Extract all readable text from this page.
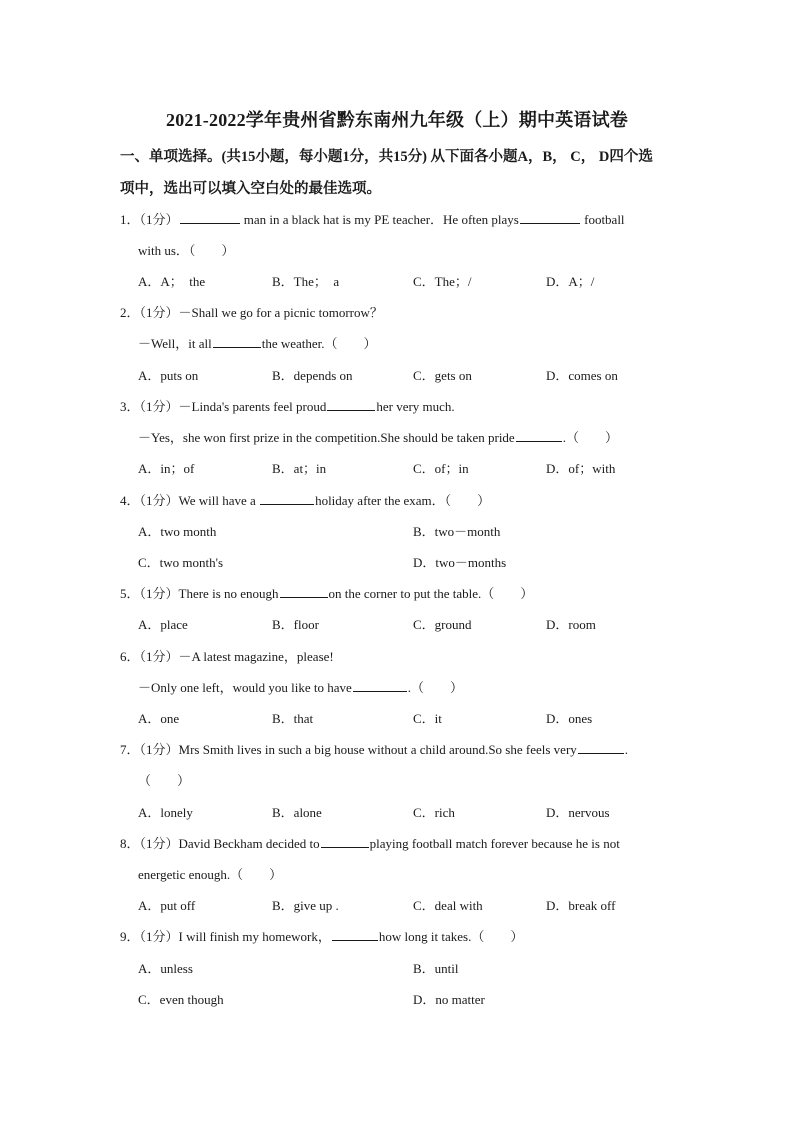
2021-2022学年贵州省黔东南州九年级（上）期中英语试卷
一、单项选择。(共15小题，每小题1分，共15分) 从下面各小题A，B， C， D四个选
项中，选出可以填入空白处的最佳选项。
1．（1分）	man in a black hat is my PE teacher．He often plays	football
with us．（　　）
A．A；　the	B．The；　a	C．The；/	D．A；/
2．（1分）－Shall we go for a picnic tomorrow？
－Well，it all	the weather.（　　）
A．puts on	B．depends on	C．gets on	D．comes on
3．（1分）－Linda's parents feel proud	her very much.
－Yes，she won first prize in the competition.She should be taken pride	.（　　）
A．in；of	B．at；in	C．of；in	D．of；with
4．（1分）We will have a	holiday after the exam．（　　）
A．two month	B．two－month
C．two month's	D．two－months
5．（1分）There is no enough	on the corner to put the table.（　　）
A．place	B．floor	C．ground	D．room
6．（1分）－A latest magazine，please!
－Only one left，would you like to have	.（　　）
A．one	B．that	C．it	D．ones
7．（1分）Mrs Smith lives in such a big house without a child around.So she feels very	.
（　　）
A．lonely	B．alone	C．rich	D．nervous
8．（1分）David Beckham decided to	playing football match forever because he is not
energetic enough.（　　）
A．put off	B．give up .	C．deal with	D．break off
9．（1分）I will finish my homework，	how long it takes.（　　）
A．unless	B．until
C．even though	D．no matter
